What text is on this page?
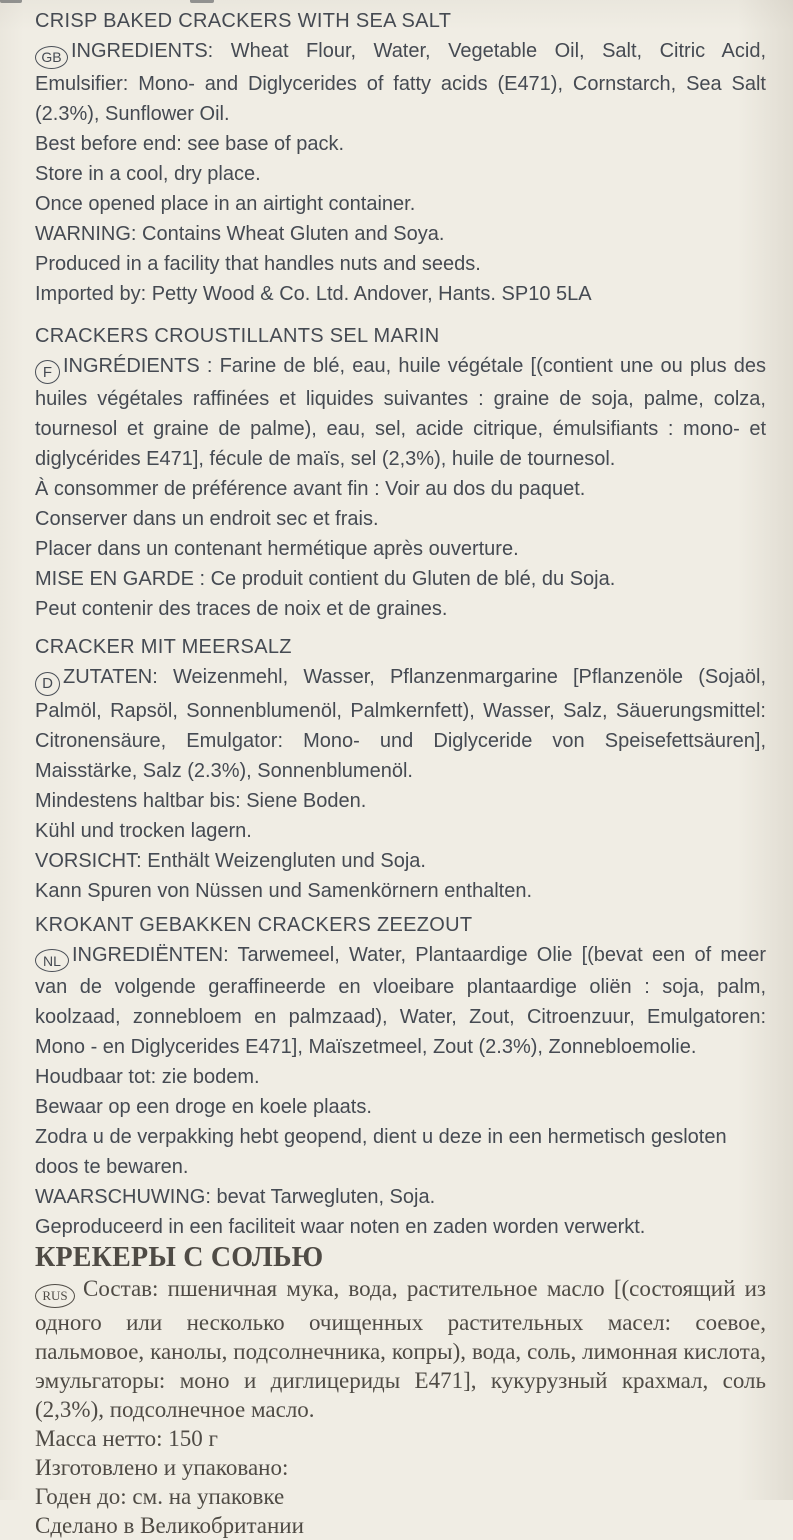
CRISP BAKED CRACKERS WITH SEA SALT
GB INGREDIENTS: Wheat Flour, Water, Vegetable Oil, Salt, Citric Acid, Emulsifier: Mono- and Diglycerides of fatty acids (E471), Cornstarch, Sea Salt (2.3%), Sunflower Oil.
Best before end: see base of pack.
Store in a cool, dry place.
Once opened place in an airtight container.
WARNING: Contains Wheat Gluten and Soya.
Produced in a facility that handles nuts and seeds.
Imported by: Petty Wood & Co. Ltd. Andover, Hants. SP10 5LA
CRACKERS CROUSTILLANTS SEL MARIN
F INGRÉDIENTS : Farine de blé, eau, huile végétale [(contient une ou plus des huiles végétales raffinées et liquides suivantes : graine de soja, palme, colza, tournesol et graine de palme), eau, sel, acide citrique, émulsifiants : mono- et diglycérides E471], fécule de maïs, sel (2,3%), huile de tournesol.
À consommer de préférence avant fin : Voir au dos du paquet.
Conserver dans un endroit sec et frais.
Placer dans un contenant hermétique après ouverture.
MISE EN GARDE : Ce produit contient du Gluten de blé, du Soja.
Peut contenir des traces de noix et de graines.
CRACKER MIT MEERSALZ
D ZUTATEN: Weizenmehl, Wasser, Pflanzenmargarine [Pflanzenöle (Sojaöl, Palmöl, Rapsöl, Sonnenblumenöl, Palmkernfett), Wasser, Salz, Säuerungsmittel: Citronensäure, Emulgator: Mono- und Diglyceride von Speisefettsäuren], Maisstärke, Salz (2.3%), Sonnenblumenöl.
Mindestens haltbar bis: Siene Boden.
Kühl und trocken lagern.
VORSICHT: Enthält Weizengluten und Soja.
Kann Spuren von Nüssen und Samenkörnern enthalten.
KROKANT GEBAKKEN CRACKERS ZEEZOUT
NL INGREDIËNTEN: Tarwemeel, Water, Plantaardige Olie [(bevat een of meer van de volgende geraffineerde en vloeibare plantaardige oliën : soja, palm, koolzaad, zonnebloem en palmzaad), Water, Zout, Citroenzuur, Emulgatoren: Mono - en Diglycerides E471], Maïszetmeel, Zout (2.3%), Zonnebloemolie.
Houdbaar tot: zie bodem.
Bewaar op een droge en koele plaats.
Zodra u de verpakking hebt geopend, dient u deze in een hermetisch gesloten doos te bewaren.
WAARSCHUWING: bevat Tarwegluten, Soja.
Geproduceerd in een faciliteit waar noten en zaden worden verwerkt.
КРЕКЕРЫ С СОЛЬЮ
RUS Состав: пшеничная мука, вода, растительное масло [(состоящий из одного или несколько очищенных растительных масел: соевое, пальмовое, канолы, подсолнечника, копры), вода, соль, лимонная кислота, эмульгаторы: моно и диглицериды Е471], кукурузный крахмал, соль (2,3%), подсолнечное масло.
Масса нетто: 150 г
Изготовлено и упаковано:
Годен до: см. на упаковке
Сделано в Великобритании
